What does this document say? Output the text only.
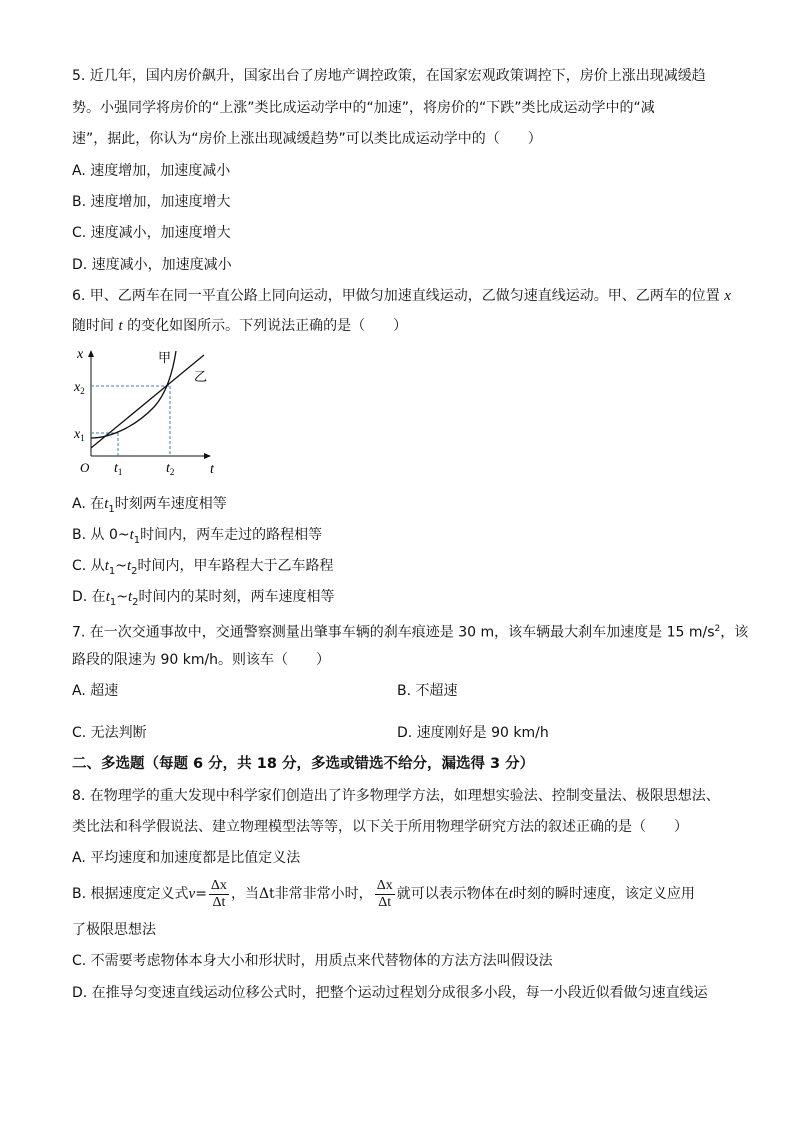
5. 近几年，国内房价飙升，国家出台了房地产调控政策，在国家宏观政策调控下，房价上涨出现减缓趋
势。小强同学将房价的“上涨”类比成运动学中的“加速”，将房价的“下跌”类比成运动学中的“减
速”，据此，你认为“房价上涨出现减缓趋势”可以类比成运动学中的（　　）
A. 速度增加，加速度减小
B. 速度增加，加速度增大
C. 速度减小，加速度增大
D. 速度减小，加速度减小
6. 甲、乙两车在同一平直公路上同向运动，甲做匀加速直线运动，乙做匀速直线运动。甲、乙两车的位置 x
随时间 t 的变化如图所示。下列说法正确的是（　　）
x
t
O
$x_1$
$x_2$
$t_1$	$t_2$
甲
乙
A. 在$t_1$时刻两车速度相等
B. 从 $0\sim t_1$时间内，两车走过的路程相等
C. 从$t_1\sim t_2$时间内，甲车路程大于乙车路程
D. 在$t_1\sim t_2$时间内的某时刻，两车速度相等
7. 在一次交通事故中，交通警察测量出肇事车辆的刹车痕迹是 30 m，该车辆最大刹车加速度是 15 $m/s^2$，该
路段的限速为 90 km/h。则该车（　　）
A. 超速	B. 不超速
C. 无法判断	D. 速度刚好是 90 km/h
二、多选题（每题 6 分，共 18 分，多选或错选不给分，漏选得 3 分）
8. 在物理学的重大发现中科学家们创造出了许多物理学方法，如理想实验法、控制变量法、极限思想法、
类比法和科学假说法、建立物理模型法等等，以下关于所用物理学研究方法的叙述正确的是（　　）
A. 平均速度和加速度都是比值定义法
B. 根据速度定义式$v= \frac{\Delta x}{\Delta t}$ ，当Δt非常非常小时， $\frac{\Delta x}{\Delta t}$ 就可以表示物体在t时刻的瞬时速度，该定义应用
了极限思想法
C. 不需要考虑物体本身大小和形状时，用质点来代替物体的方法方法叫假设法
D. 在推导匀变速直线运动位移公式时，把整个运动过程划分成很多小段，每一小段近似看做匀速直线运
